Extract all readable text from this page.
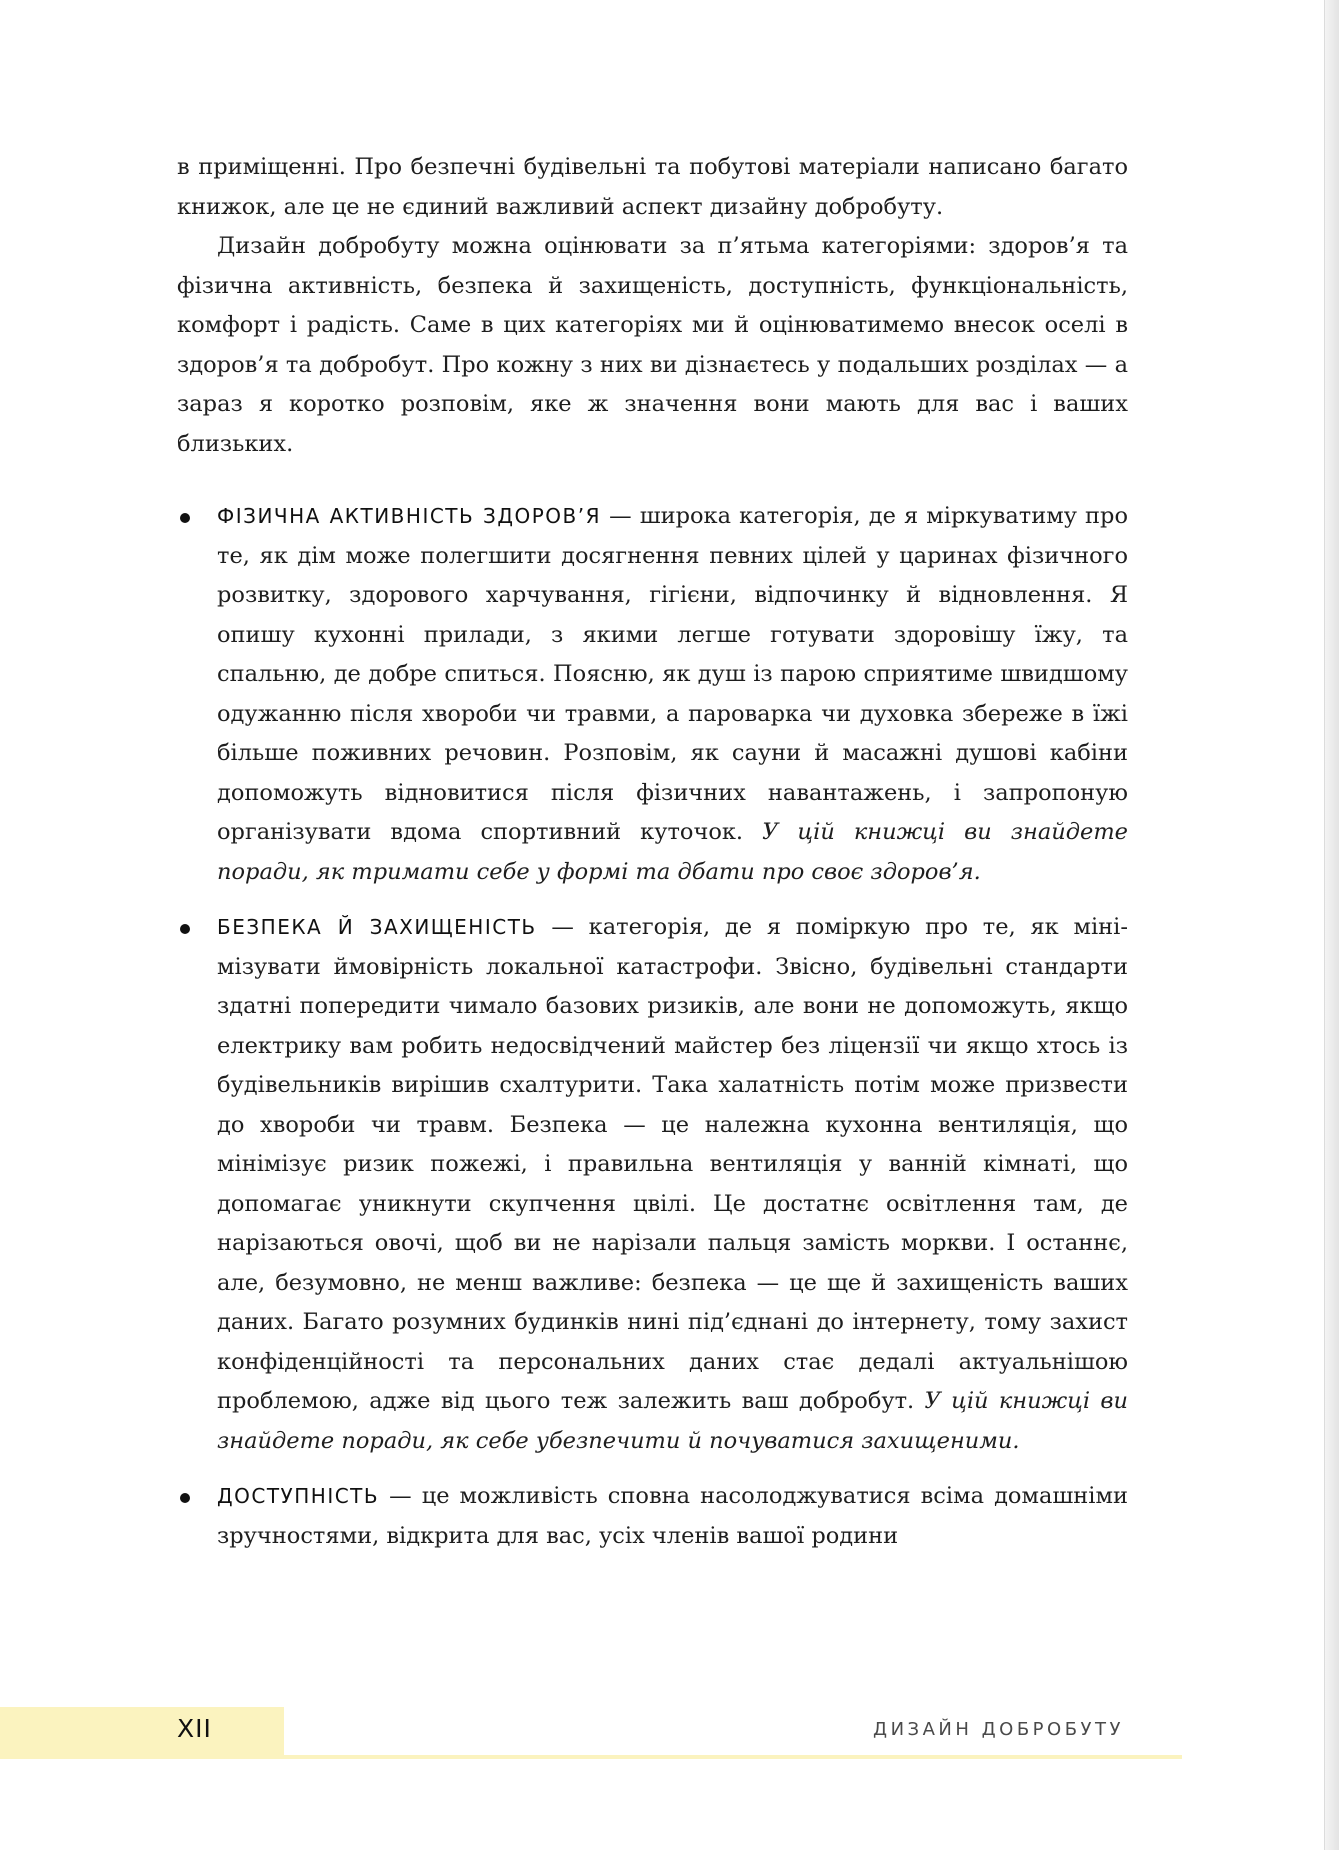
в приміщенні. Про безпечні будівельні та побутові матеріали написано багато книжок, але це не єдиний важливий аспект дизайну добробуту.

Дизайн добробуту можна оцінювати за п’ятьма категоріями: здоров’я та фізична активність, безпека й захищеність, доступність, функціональність, комфорт і радість. Саме в цих категоріях ми й оцінюватимемо внесок оселі в здоров’я та добробут. Про кожну з них ви дізнаєтесь у подальших розділах — а зараз я коротко розповім, яке ж значення вони мають для вас і ваших близьких.

ФІЗИЧНА АКТИВНІСТЬ ЗДОРОВ’Я — широка категорія, де я міркуватиму про те, як дім може полегшити досягнення певних цілей у царинах фізичного розвитку, здорового харчування, гігієни, відпочинку й відновлення. Я опишу кухонні прилади, з якими легше готувати здоровішу їжу, та спальню, де добре спиться. Поясню, як душ із парою сприятиме швидшому одужанню після хвороби чи травми, а пароварка чи духовка збереже в їжі більше поживних речовин. Розповім, як сауни й масажні душові кабіни допоможуть відновитися після фізичних навантажень, і запропоную організувати вдома спортивний куточок. У цій книжці ви знайдете поради, як тримати себе у формі та дбати про своє здоров’я.
БЕЗПЕКА Й ЗАХИЩЕНІСТЬ — категорія, де я поміркую про те, як мінімізувати ймовірність локальної катастрофи. Звісно, будівельні стандарти здатні попередити чимало базових ризиків, але вони не допоможуть, якщо електрику вам робить недосвідчений майстер без ліцензії чи якщо хтось із будівельників вирішив схалтурити. Така халатність потім може призвести до хвороби чи травм. Безпека — це належна кухонна вентиляція, що мінімізує ризик пожежі, і правильна вентиляція у ванній кімнаті, що допомагає уникнути скупчення цвілі. Це достатнє освітлення там, де нарізаються овочі, щоб ви не нарізали пальця замість моркви. І останнє, але, безумовно, не менш важливе: безпека — це ще й захищеність ваших даних. Багато розумних будинків нині під’єднані до інтернету, тому захист конфіденційності та персональних даних стає дедалі актуальнішою проблемою, адже від цього теж залежить ваш добробут. У цій книжці ви знайдете поради, як себе убезпечити й почуватися захищеними.
ДОСТУПНІСТЬ — це можливість сповна насолоджуватися всіма домашніми зручностями, відкрита для вас, усіх членів вашої родини
XII	ДИЗАЙН ДОБРОБУТУ
